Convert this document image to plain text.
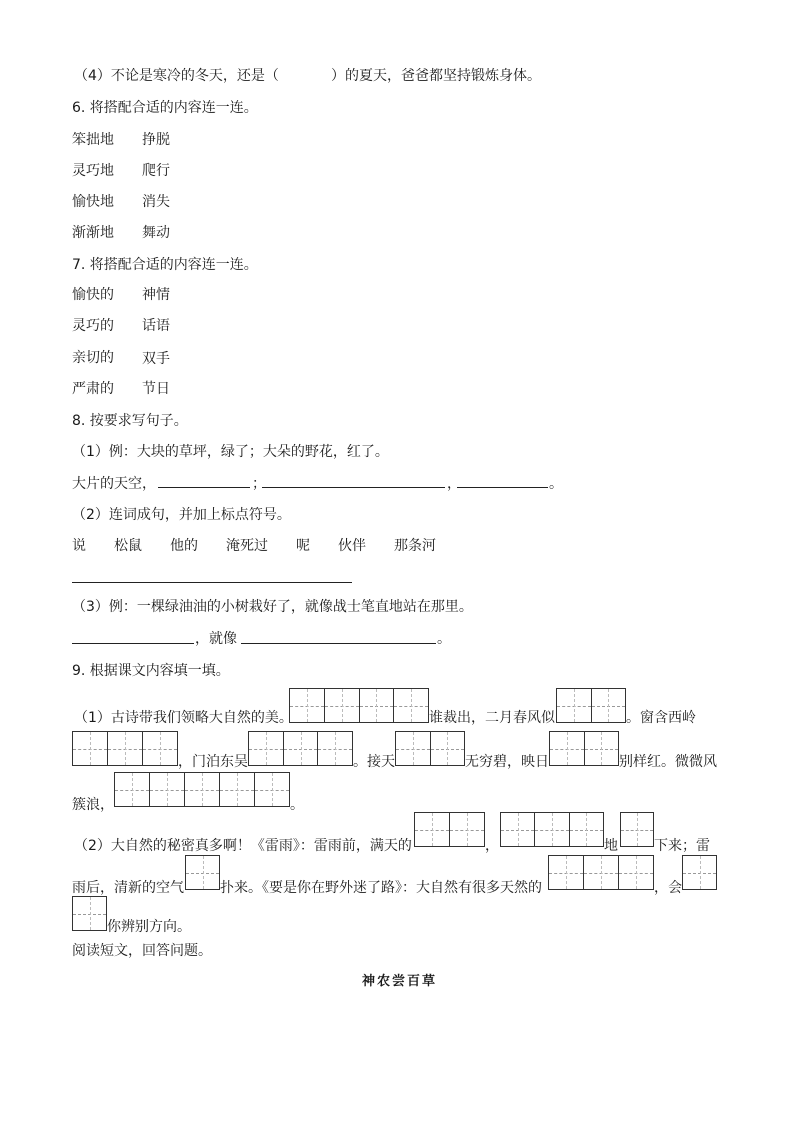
（4）不论是寒冷的冬天，还是（	）的夏天，爸爸都坚持锻炼身体。
6. 将搭配合适的内容连一连。
笨拙地 挣脱
灵巧地 爬行
愉快地 消失
渐渐地 舞动
7. 将搭配合适的内容连一连。
愉快的 神情
灵巧的 话语
亲切的 双手
严肃的 节日
8. 按要求写句子。
（1）例：大块的草坪，绿了；大朵的野花，红了。
大片的天空，	；	，	。
（2）连词成句，并加上标点符号。
说 松鼠 他的 淹死过 呢 伙伴 那条河
（3）例：一棵绿油油的小树栽好了，就像战士笔直地站在那里。
，就像	。
9. 根据课文内容填一填。
（1）古诗带我们领略大自然的美。	谁裁出，二月春风似	。窗含西岭
，门泊东吴	。接天	无穷碧，映日	别样红。微微风
簇浪，	。
（2）大自然的秘密真多啊！《雷雨》：雷雨前，满天的	，	地	下来；雷
雨后，清新的空气	扑来。《要是你在野外迷了路》：大自然有很多天然的	，会
你辨别方向。
阅读短文，回答问题。
神农尝百草
